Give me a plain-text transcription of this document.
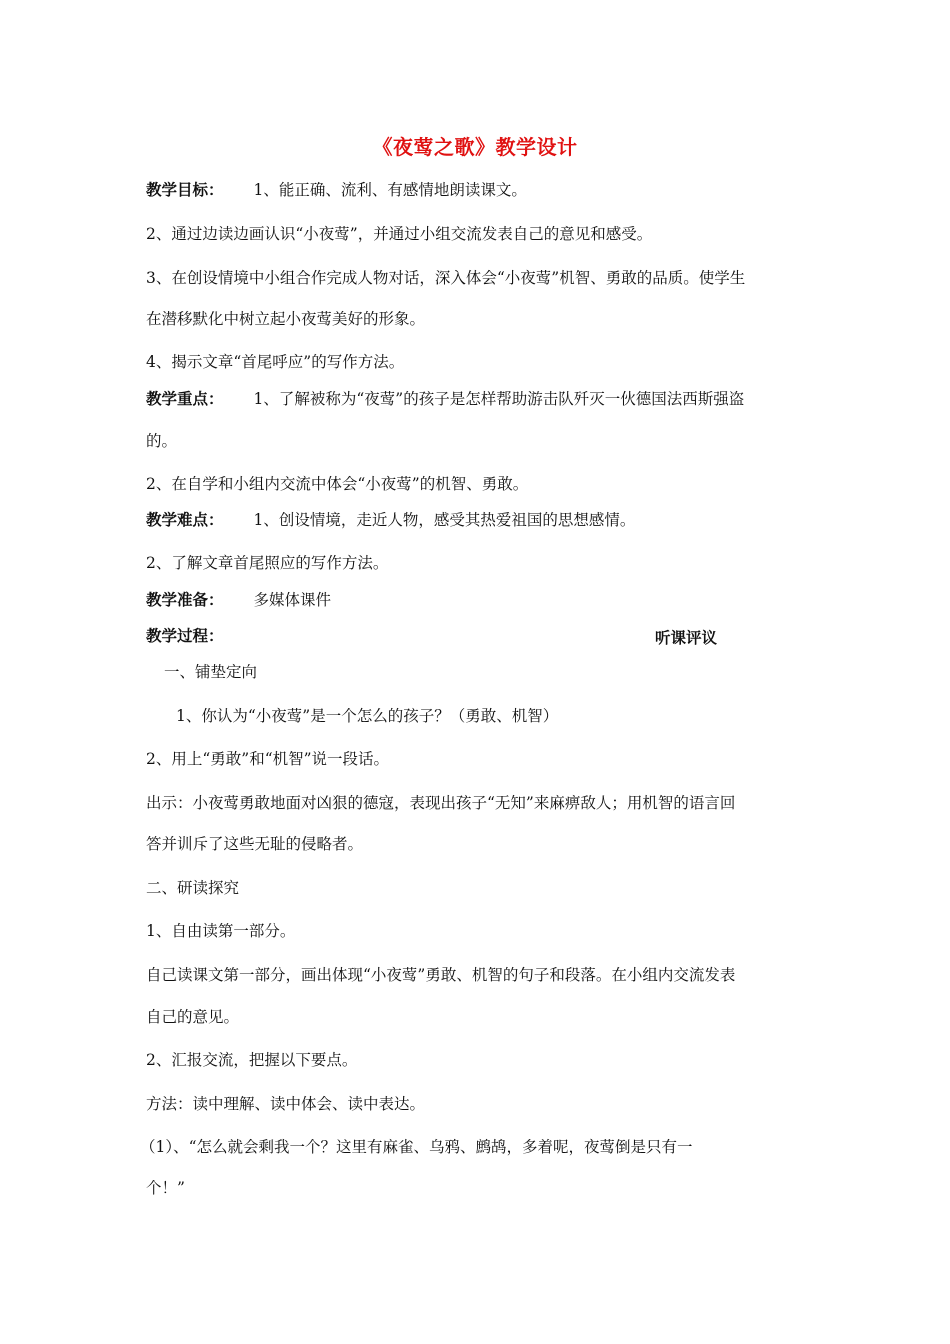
《夜莺之歌》教学设计
教学目标： 1、能正确、流利、有感情地朗读课文。
2、通过边读边画认识“小夜莺”，并通过小组交流发表自己的意见和感受。
3、在创设情境中小组合作完成人物对话，深入体会“小夜莺”机智、勇敢的品质。使学生
在潜移默化中树立起小夜莺美好的形象。
4、揭示文章“首尾呼应”的写作方法。
教学重点： 1、了解被称为“夜莺”的孩子是怎样帮助游击队歼灭一伙德国法西斯强盗
的。
2、在自学和小组内交流中体会“小夜莺”的机智、勇敢。
教学难点： 1、创设情境，走近人物，感受其热爱祖国的思想感情。
2、了解文章首尾照应的写作方法。
教学准备： 多媒体课件
教学过程：	听课评议
一、铺垫定向
1、你认为“小夜莺”是一个怎么的孩子？（勇敢、机智）
2、用上“勇敢”和“机智”说一段话。
出示：小夜莺勇敢地面对凶狠的德寇，表现出孩子“无知”来麻痹敌人；用机智的语言回
答并训斥了这些无耻的侵略者。
二、研读探究
1、自由读第一部分。
自己读课文第一部分，画出体现“小夜莺”勇敢、机智的句子和段落。在小组内交流发表
自己的意见。
2、汇报交流，把握以下要点。
方法：读中理解、读中体会、读中表达。
（1）、“怎么就会剩我一个？这里有麻雀、乌鸦、鹧鸪，多着呢，夜莺倒是只有一
个！”
